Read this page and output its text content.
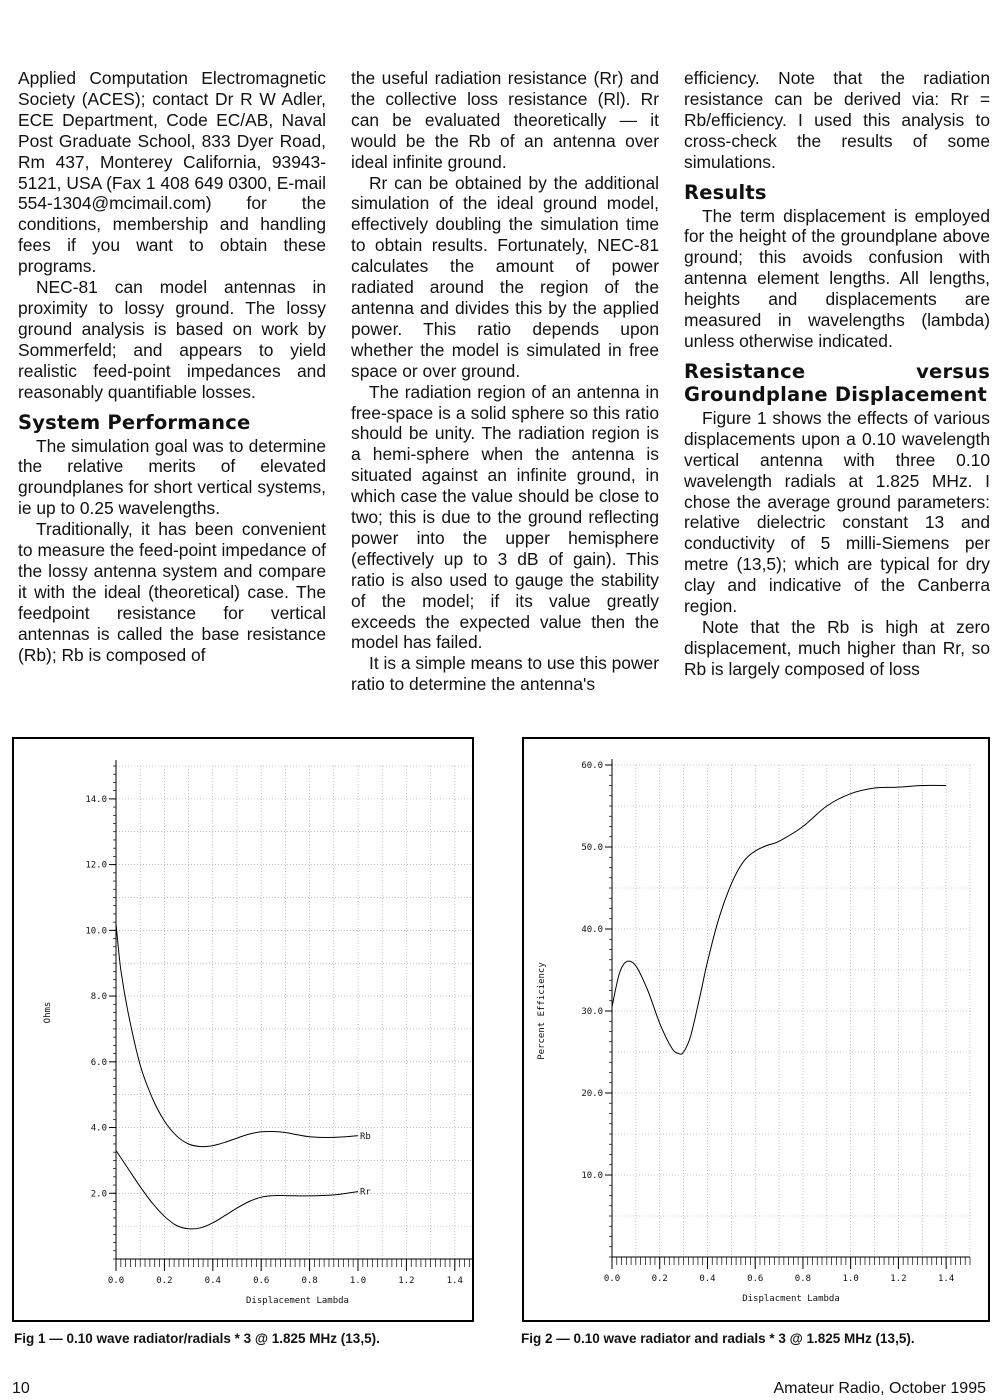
Applied Computation Electromagnetic Society (ACES); contact Dr R W Adler, ECE Department, Code EC/AB, Naval Post Graduate School, 833 Dyer Road, Rm 437, Monterey California, 93943-5121, USA (Fax 1 408 649 0300, E-mail 554-1304@mcimail.com) for the conditions, membership and handling fees if you want to obtain these programs.

NEC-81 can model antennas in proximity to lossy ground. The lossy ground analysis is based on work by Sommerfeld; and appears to yield realistic feed-point impedances and reasonably quantifiable losses.

System Performance

The simulation goal was to determine the relative merits of elevated groundplanes for short vertical systems, ie up to 0.25 wavelengths.

Traditionally, it has been convenient to measure the feed-point impedance of the lossy antenna system and compare it with the ideal (theoretical) case. The feedpoint resistance for vertical antennas is called the base resistance (Rb); Rb is composed of

the useful radiation resistance (Rr) and the collective loss resistance (Rl). Rr can be evaluated theoretically — it would be the Rb of an antenna over ideal infinite ground.

Rr can be obtained by the additional simulation of the ideal ground model, effectively doubling the simulation time to obtain results. Fortunately, NEC-81 calculates the amount of power radiated around the region of the antenna and divides this by the applied power. This ratio depends upon whether the model is simulated in free space or over ground.

The radiation region of an antenna in free-space is a solid sphere so this ratio should be unity. The radiation region is a hemi-sphere when the antenna is situated against an infinite ground, in which case the value should be close to two; this is due to the ground reflecting power into the upper hemisphere (effectively up to 3 dB of gain). This ratio is also used to gauge the stability of the model; if its value greatly exceeds the expected value then the model has failed.

It is a simple means to use this power ratio to determine the antenna's

efficiency. Note that the radiation resistance can be derived via: Rr = Rb/efficiency. I used this analysis to cross-check the results of some simulations.

Results

The term displacement is employed for the height of the groundplane above ground; this avoids confusion with antenna element lengths. All lengths, heights and displacements are measured in wavelengths (lambda) unless otherwise indicated.

Resistance versus Groundplane Displacement

Figure 1 shows the effects of various displacements upon a 0.10 wavelength vertical antenna with three 0.10 wavelength radials at 1.825 MHz. I chose the average ground parameters: relative dielectric constant 13 and conductivity of 5 milli-Siemens per metre (13,5); which are typical for dry clay and indicative of the Canberra region.

Note that the Rb is high at zero displacement, much higher than Rr, so Rb is largely composed of loss

0.0	0.2	0.4	0.6	0.8	1.0	1.2	1.4
2.0
4.0
6.0
8.0
10.0
12.0
14.0
Displacement Lambda
Ohms
Rb
Rr
0.0	0.2	0.4	0.6	0.8	1.0	1.2	1.4
10.0
20.0
30.0
40.0
50.0
60.0
Displacment Lambda
Percent Efficiency
Fig 1 — 0.10 wave radiator/radials * 3 @ 1.825 MHz (13,5).	Fig 2 — 0.10 wave radiator and radials * 3 @ 1.825 MHz (13,5).
10	Amateur Radio, October 1995
